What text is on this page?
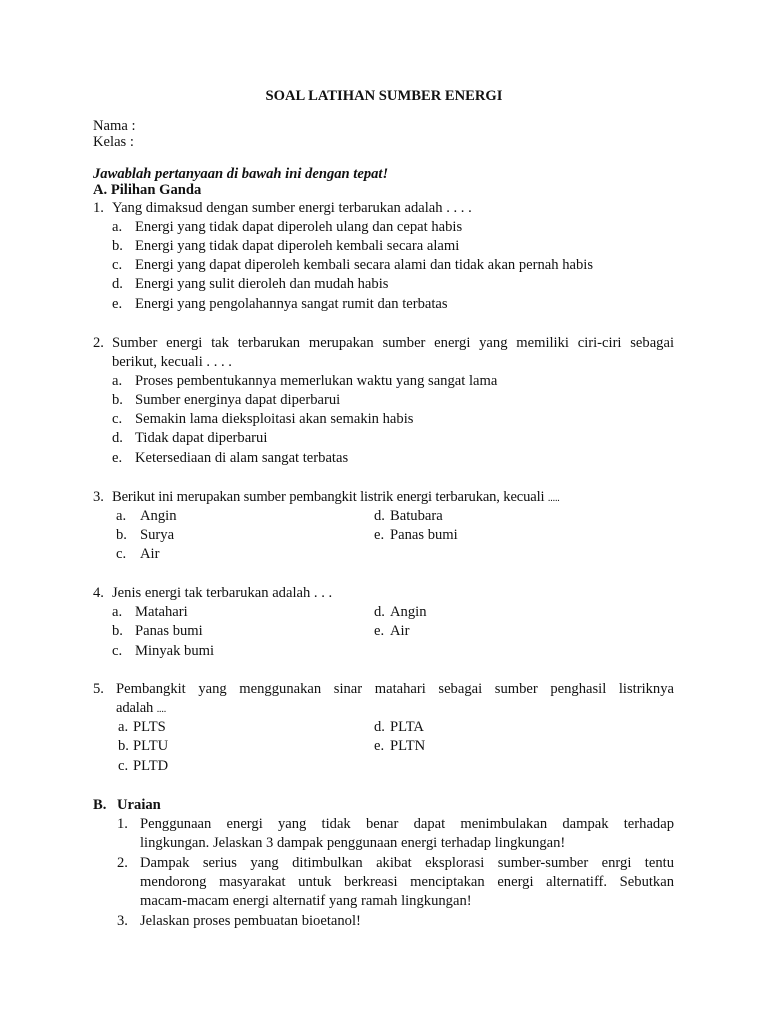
SOAL LATIHAN SUMBER ENERGI
Nama :
Kelas :
Jawablah pertanyaan di bawah ini dengan tepat!
A. Pilihan Ganda
1. Yang dimaksud dengan sumber energi terbarukan adalah . . . .
a. Energi yang tidak dapat diperoleh ulang dan cepat habis
b. Energi yang tidak dapat diperoleh kembali secara alami
c. Energi yang dapat diperoleh kembali secara alami dan tidak akan pernah habis
d. Energi yang sulit dieroleh dan mudah habis
e. Energi yang pengolahannya sangat rumit dan terbatas
2. Sumber energi tak terbarukan merupakan sumber energi yang memiliki ciri-ciri sebagai
berikut, kecuali . . . .
a. Proses pembentukannya memerlukan waktu yang sangat lama
b. Sumber energinya dapat diperbarui
c. Semakin lama dieksploitasi akan semakin habis
d. Tidak dapat diperbarui
e. Ketersediaan di alam sangat terbatas
3. Berikut ini merupakan sumber pembangkit listrik energi terbarukan, kecuali .....
a. Angin
b. Surya
c. Air
d. Batubara
e. Panas bumi
4. Jenis energi tak terbarukan adalah . . .
a. Matahari
b. Panas bumi
c. Minyak bumi
d. Angin
e. Air
5. Pembangkit yang menggunakan sinar matahari sebagai sumber penghasil listriknya
adalah ....
a. PLTS
b. PLTU
c. PLTD
d. PLTA
e. PLTN
B. Uraian
1. Penggunaan energi yang tidak benar dapat menimbulakan dampak terhadap
lingkungan. Jelaskan 3 dampak penggunaan energi terhadap lingkungan!
2. Dampak serius yang ditimbulkan akibat eksplorasi sumber-sumber enrgi tentu
mendorong masyarakat untuk berkreasi menciptakan energi alternatiff. Sebutkan
macam-macam energi alternatif yang ramah lingkungan!
3. Jelaskan proses pembuatan bioetanol!
